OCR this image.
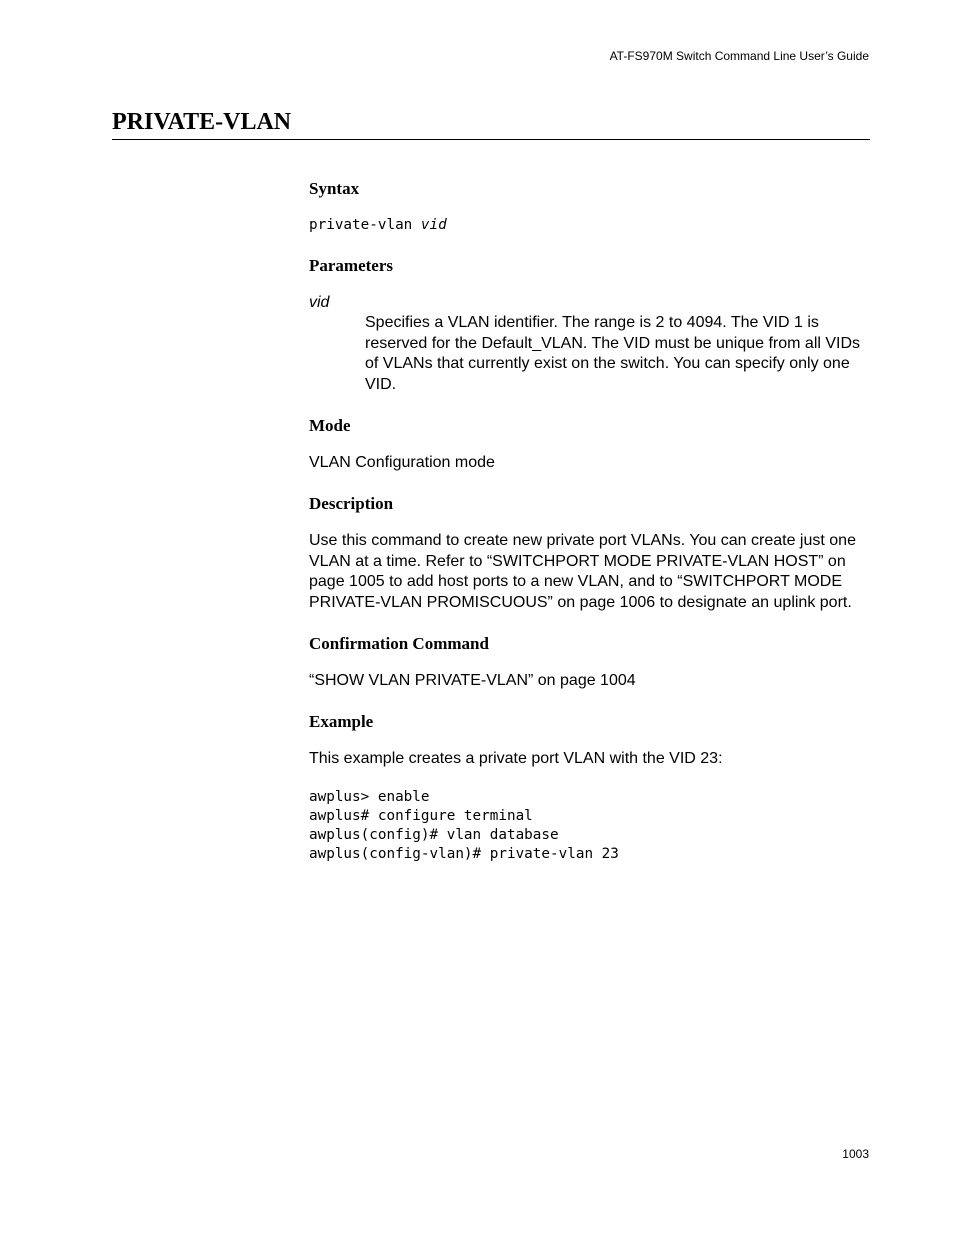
AT-FS970M Switch Command Line User’s Guide
PRIVATE-VLAN
Syntax
private-vlan vid
Parameters

vid

Specifies a VLAN identifier. The range is 2 to 4094. The VID 1 is reserved for the Default_VLAN. The VID must be unique from all VIDs of VLANs that currently exist on the switch. You can specify only one VID.

Mode

VLAN Configuration mode

Description

Use this command to create new private port VLANs. You can create just one VLAN at a time. Refer to “SWITCHPORT MODE PRIVATE-VLAN HOST” on page 1005 to add host ports to a new VLAN, and to “SWITCHPORT MODE PRIVATE-VLAN PROMISCUOUS” on page 1006 to designate an uplink port.

Confirmation Command

“SHOW VLAN PRIVATE-VLAN” on page 1004

Example

This example creates a private port VLAN with the VID 23:

awplus> enable
awplus# configure terminal
awplus(config)# vlan database
awplus(config-vlan)# private-vlan 23
1003
